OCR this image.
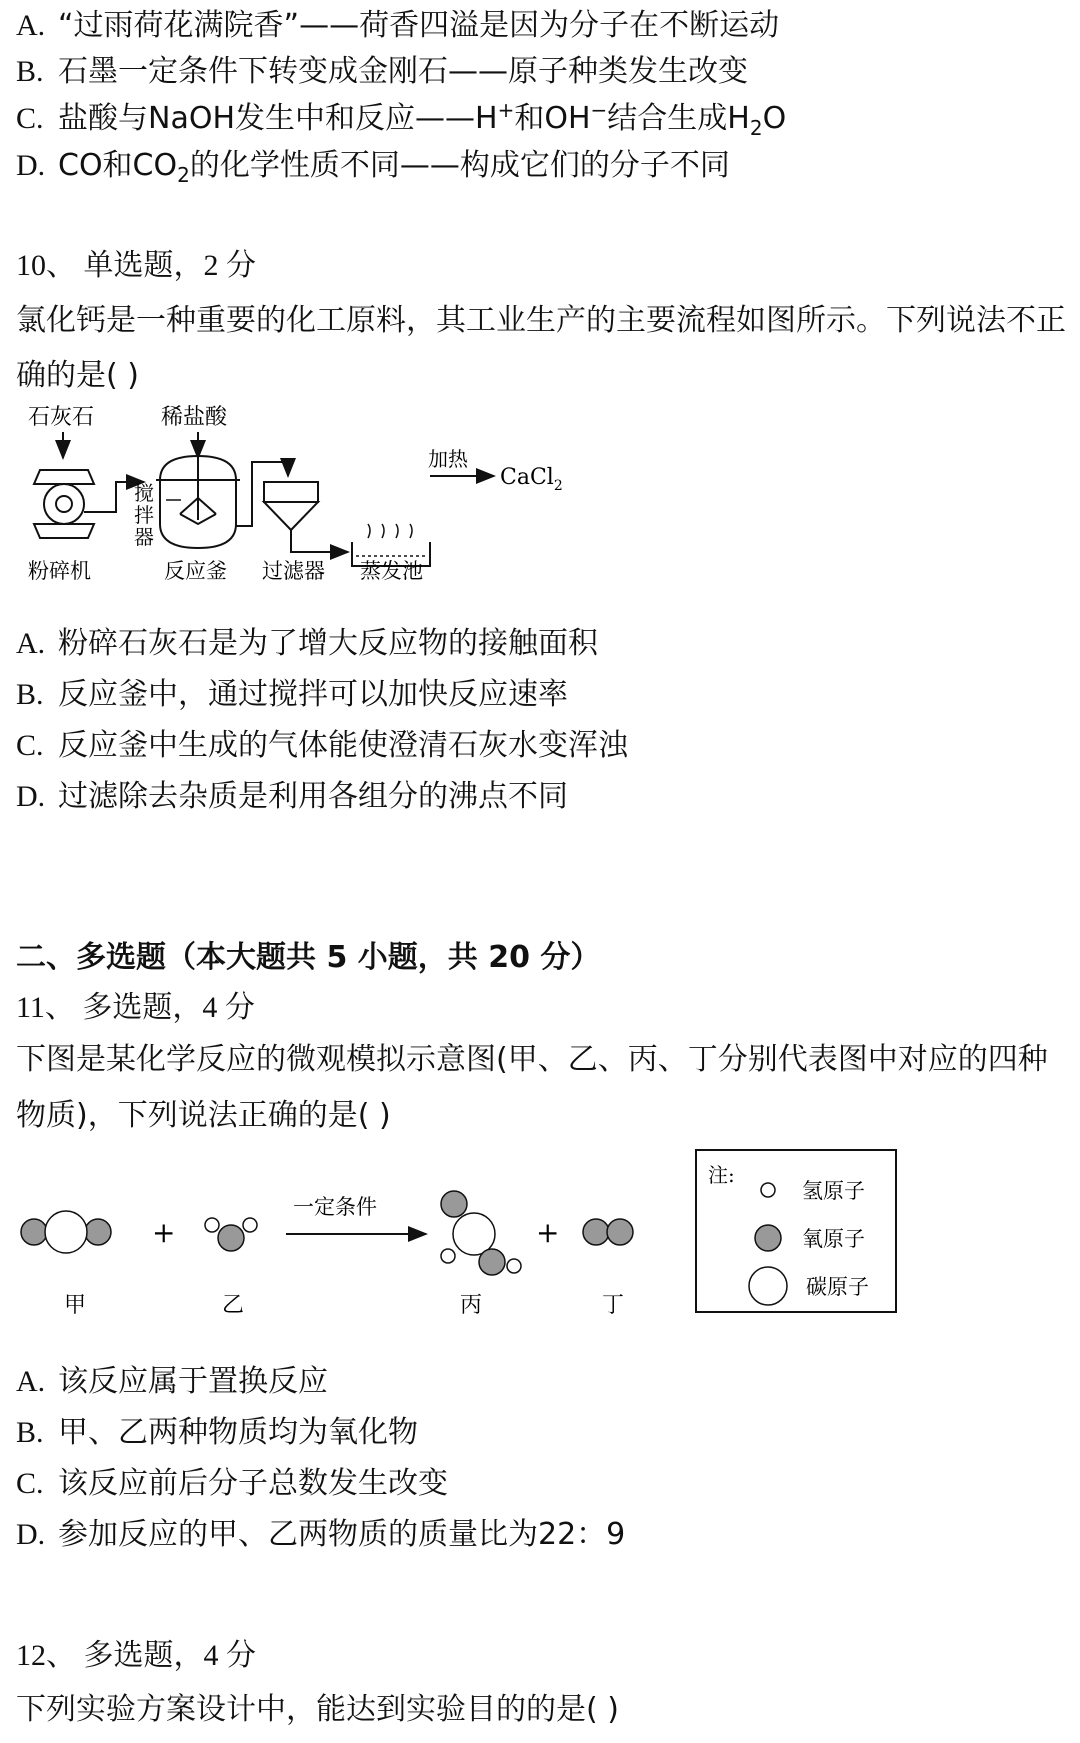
A. “过雨荷花满院香”——荷香四溢是因为分子在不断运动
B. 石墨一定条件下转变成金刚石——原子种类发生改变
C. 盐酸与NaOH发生中和反应——H+和OH−结合生成$H_2O$
D. CO和$CO_2$的化学性质不同——构成它们的分子不同
10、 单选题，2 分
氯化钙是一种重要的化工原料，其工业生产的主要流程如图所示。下列说法不正
确的是( )
石灰石	稀盐酸
搅
拌
器
加热
CaCl$_2$
粉碎机	反应釜 过滤器 蒸发池
A. 粉碎石灰石是为了增大反应物的接触面积
B. 反应釜中，通过搅拌可以加快反应速率
C. 反应釜中生成的气体能使澄清石灰水变浑浊
D. 过滤除去杂质是利用各组分的沸点不同
二、多选题（本大题共 5 小题，共 20 分）
11、 多选题，4 分
下图是某化学反应的微观模拟示意图(甲、乙、丙、丁分别代表图中对应的四种
物质)，下列说法正确的是( )
+
一定条件
+
甲	乙	丙	丁
注:
氢原子
氧原子
碳原子
A. 该反应属于置换反应
B. 甲、乙两种物质均为氧化物
C. 该反应前后分子总数发生改变
D. 参加反应的甲、乙两物质的质量比为22：9
12、 多选题，4 分
下列实验方案设计中，能达到实验目的的是( )
